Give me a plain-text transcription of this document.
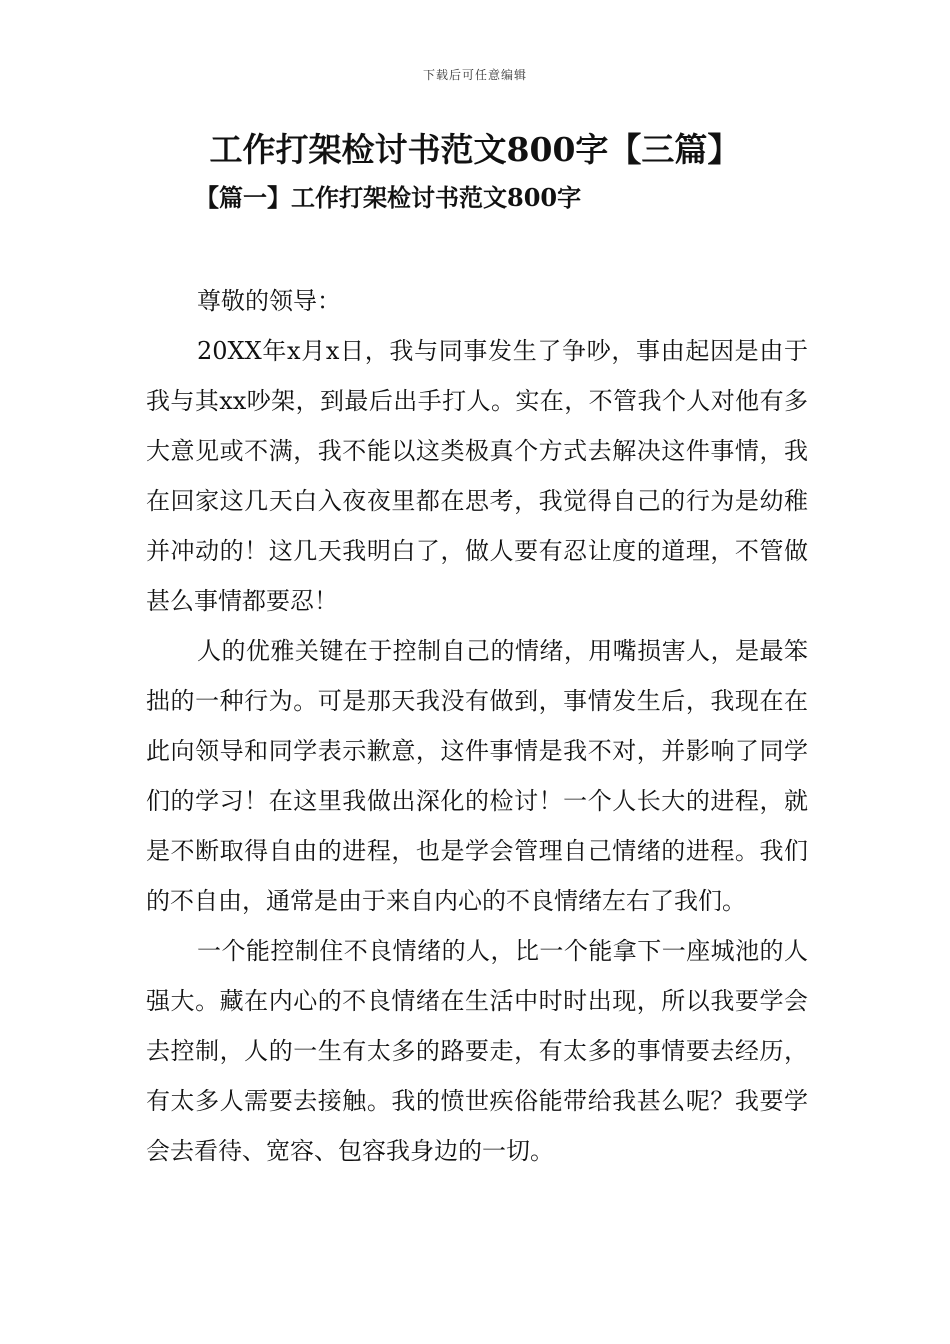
下载后可任意编辑
工作打架检讨书范文800字【三篇】
【篇一】工作打架检讨书范文800字

尊敬的领导：

20XX年x月x日，我与同事发生了争吵，事由起因是由于我与其xx吵架，到最后出手打人。实在，不管我个人对他有多大意见或不满，我不能以这类极真个方式去解决这件事情，我在回家这几天白入夜夜里都在思考，我觉得自己的行为是幼稚并冲动的！这几天我明白了，做人要有忍让度的道理，不管做甚么事情都要忍！

人的优雅关键在于控制自己的情绪，用嘴损害人，是最笨拙的一种行为。可是那天我没有做到，事情发生后，我现在在此向领导和同学表示歉意，这件事情是我不对，并影响了同学们的学习！在这里我做出深化的检讨！一个人长大的进程，就是不断取得自由的进程，也是学会管理自己情绪的进程。我们的不自由，通常是由于来自内心的不良情绪左右了我们。

一个能控制住不良情绪的人，比一个能拿下一座城池的人强大。藏在内心的不良情绪在生活中时时出现，所以我要学会去控制，人的一生有太多的路要走，有太多的事情要去经历，有太多人需要去接触。我的愤世疾俗能带给我甚么呢？我要学会去看待、宽容、包容我身边的一切。
